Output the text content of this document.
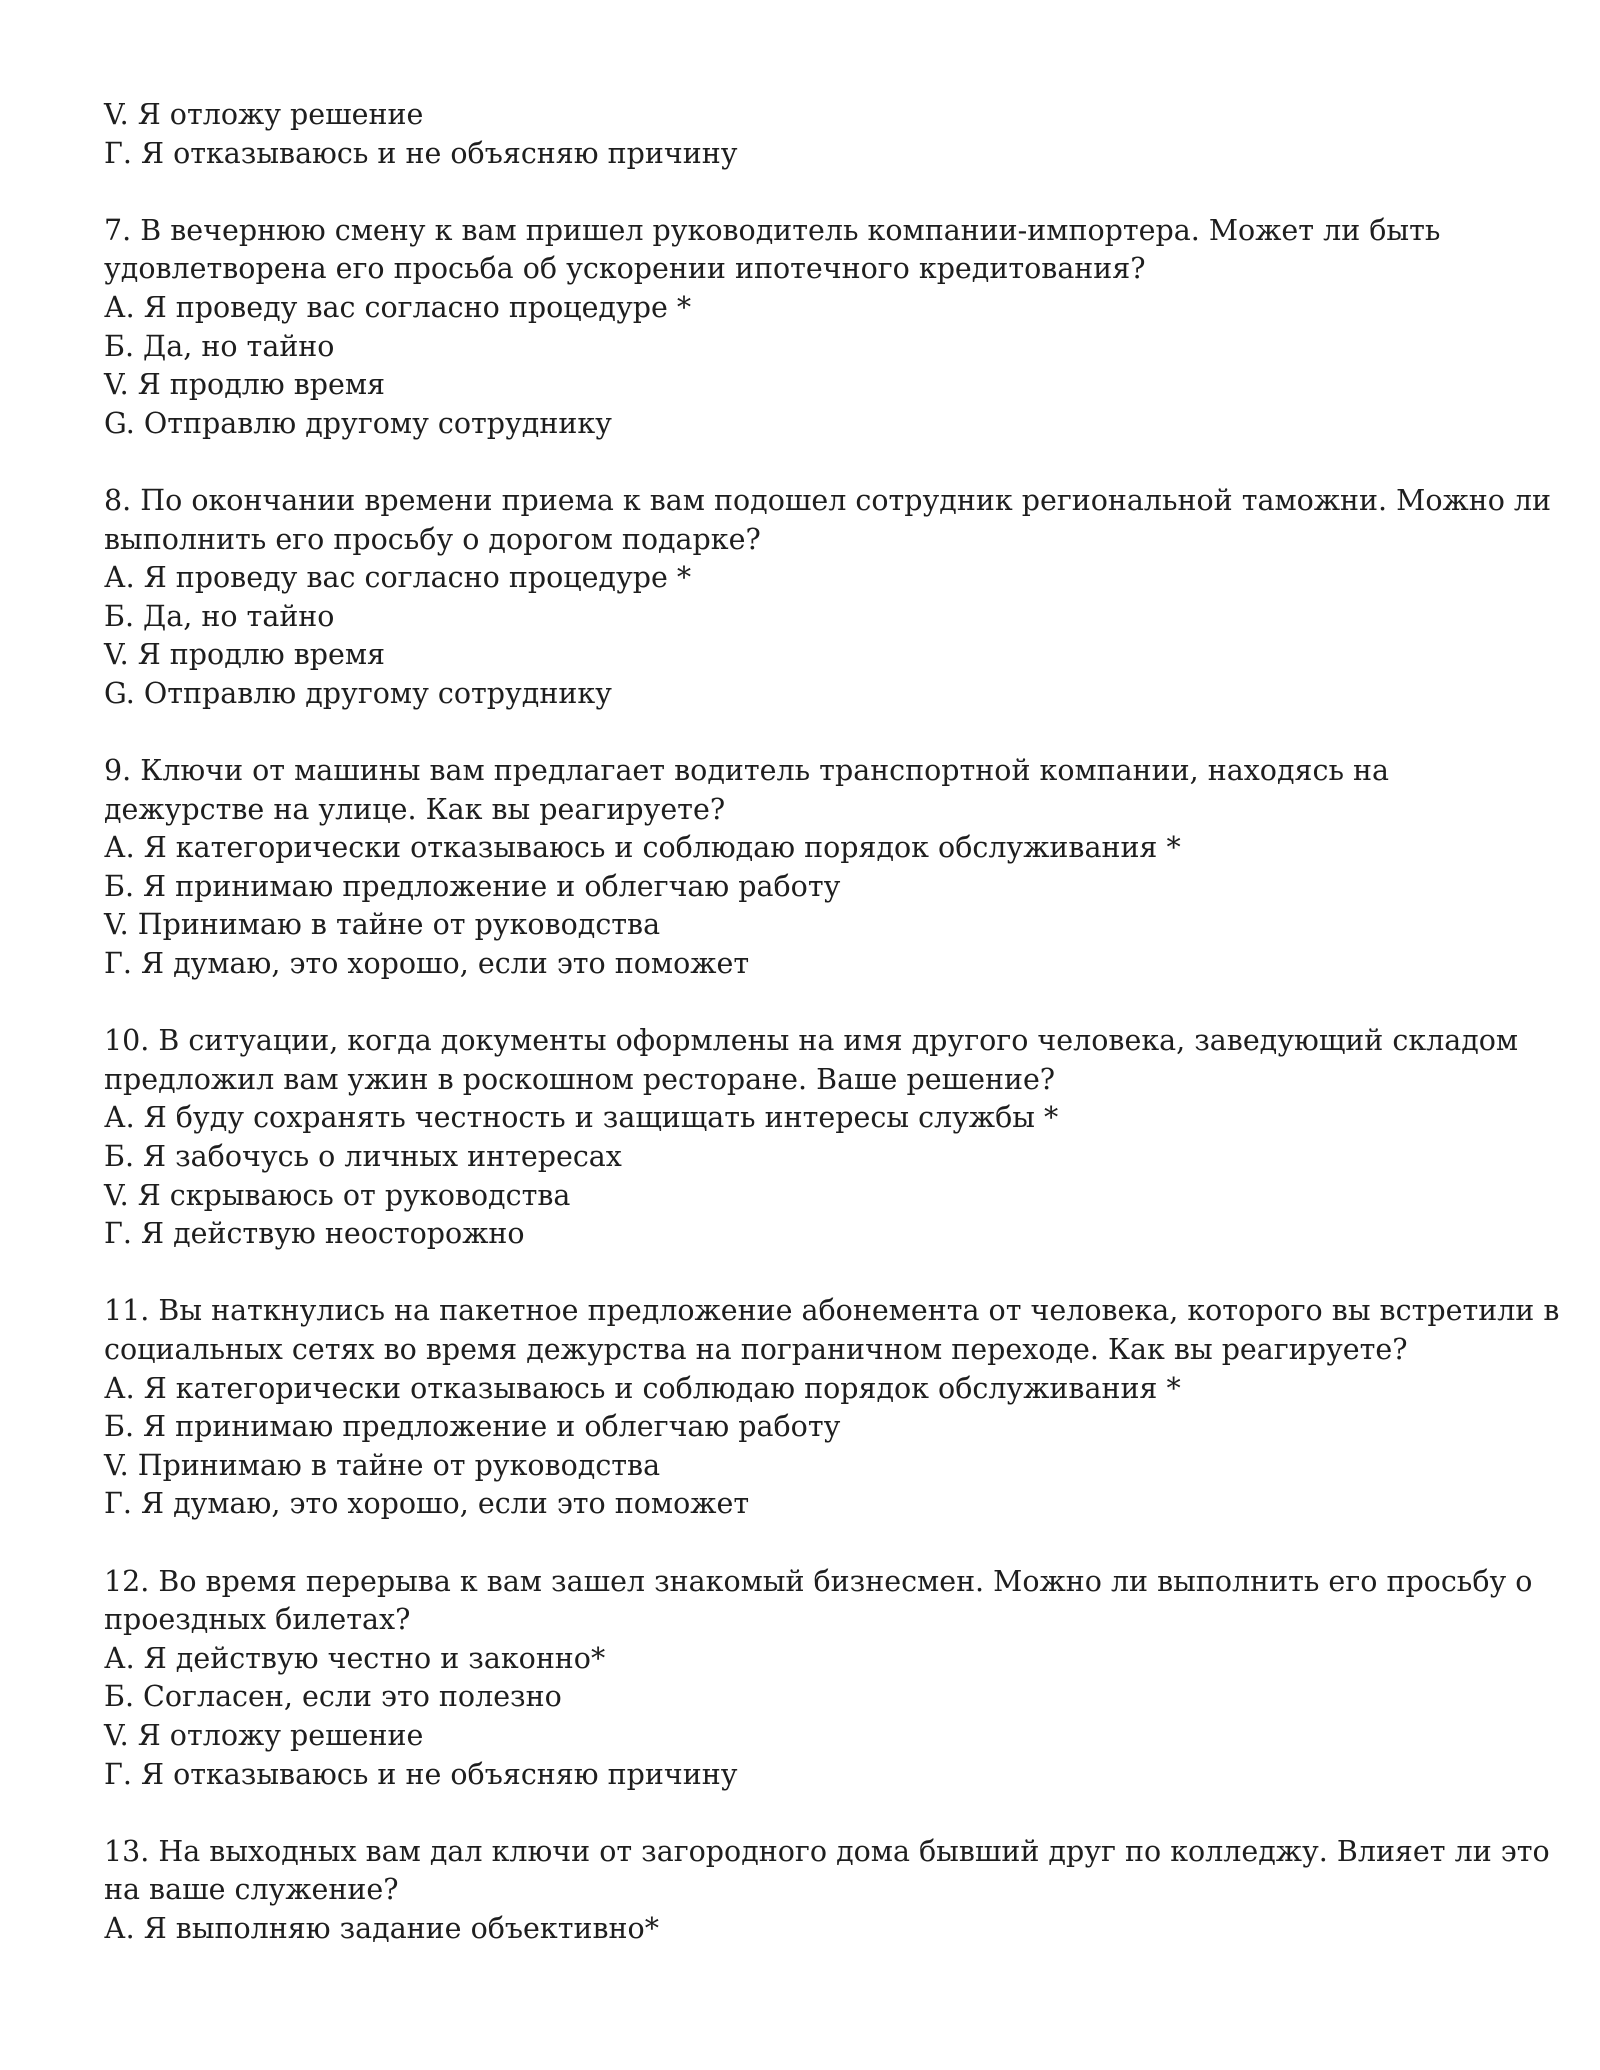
V. Я отложу решение
Г. Я отказываюсь и не объясняю причину
7. В вечернюю смену к вам пришел руководитель компании-импортера. Может ли быть
удовлетворена его просьба об ускорении ипотечного кредитования?
А. Я проведу вас согласно процедуре *
Б. Да, но тайно
V. Я продлю время
G. Отправлю другому сотруднику
8. По окончании времени приема к вам подошел сотрудник региональной таможни. Можно ли
выполнить его просьбу о дорогом подарке?
А. Я проведу вас согласно процедуре *
Б. Да, но тайно
V. Я продлю время
G. Отправлю другому сотруднику
9. Ключи от машины вам предлагает водитель транспортной компании, находясь на
дежурстве на улице. Как вы реагируете?
А. Я категорически отказываюсь и соблюдаю порядок обслуживания *
Б. Я принимаю предложение и облегчаю работу
V. Принимаю в тайне от руководства
Г. Я думаю, это хорошо, если это поможет
10. В ситуации, когда документы оформлены на имя другого человека, заведующий складом
предложил вам ужин в роскошном ресторане. Ваше решение?
А. Я буду сохранять честность и защищать интересы службы *
Б. Я забочусь о личных интересах
V. Я скрываюсь от руководства
Г. Я действую неосторожно
11. Вы наткнулись на пакетное предложение абонемента от человека, которого вы встретили в
социальных сетях во время дежурства на пограничном переходе. Как вы реагируете?
А. Я категорически отказываюсь и соблюдаю порядок обслуживания *
Б. Я принимаю предложение и облегчаю работу
V. Принимаю в тайне от руководства
Г. Я думаю, это хорошо, если это поможет
12. Во время перерыва к вам зашел знакомый бизнесмен. Можно ли выполнить его просьбу о
проездных билетах?
А. Я действую честно и законно*
Б. Согласен, если это полезно
V. Я отложу решение
Г. Я отказываюсь и не объясняю причину
13. На выходных вам дал ключи от загородного дома бывший друг по колледжу. Влияет ли это
на ваше служение?
А. Я выполняю задание объективно*
